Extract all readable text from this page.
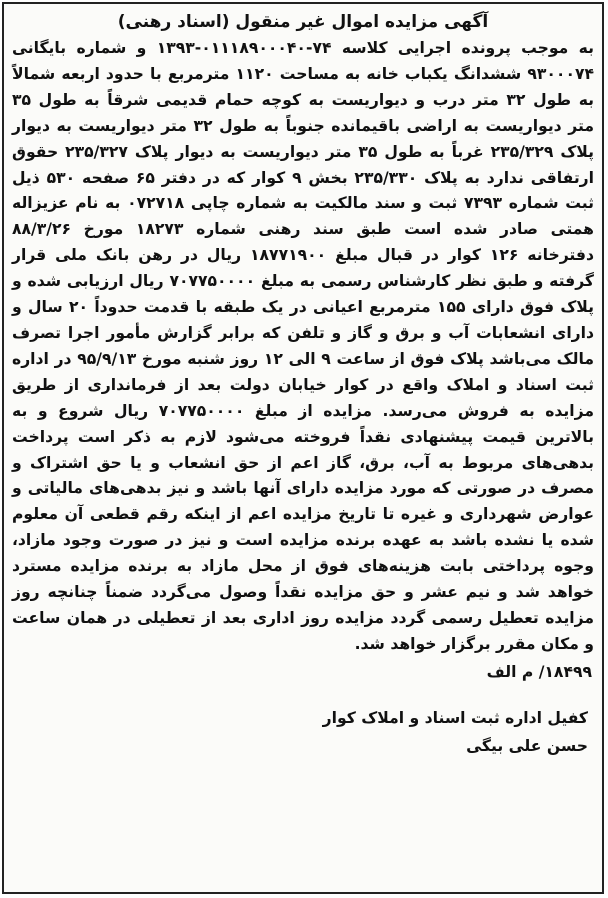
آگهی مزایده اموال غیر منقول (اسناد رهنی)
به موجب پرونده اجرایی کلاسه ۷۴-۰۱۱۱۸۹۰۰۰۴۰-۱۳۹۳ و شماره بایگانی ۹۳۰۰۰۷۴ ششدانگ یکباب خانه به مساحت ۱۱۲۰ مترمربع با حدود اربعه شمالاً به طول ۳۲ متر درب و دیواریست به کوچه حمام قدیمی شرقاً به طول ۳۵ متر دیواریست به اراضی باقیمانده جنوباً به طول ۳۲ متر دیواریست به دیوار پلاک ۲۳۵/۳۲۹ غرباً به طول ۳۵ متر دیواریست به دیوار پلاک ۲۳۵/۳۲۷ حقوق ارتفاقی ندارد به پلاک ۲۳۵/۳۳۰ بخش ۹ کوار که در دفتر ۶۵ صفحه ۵۳۰ ذیل ثبت شماره ۷۳۹۳ ثبت و سند مالکیت به شماره چاپی ۰۷۲۷۱۸ به نام عزیزاله همتی صادر شده است طبق سند رهنی شماره ۱۸۲۷۳ مورخ ۸۸/۳/۲۶ دفترخانه ۱۲۶ کوار در قبال مبلغ ۱۸۷۷۱۹۰۰ ریال در رهن بانک ملی قرار گرفته و طبق نظر کارشناس رسمی به مبلغ ۷۰۷۷۵۰۰۰۰ ریال ارزیابی شده و پلاک فوق دارای ۱۵۵ مترمربع اعیانی در یک طبقه با قدمت حدوداً ۲۰ سال و دارای انشعابات آب و برق و گاز و تلفن که برابر گزارش مأمور اجرا تصرف مالک می‌باشد پلاک فوق از ساعت ۹ الی ۱۲ روز شنبه مورخ ۹۵/۹/۱۳ در اداره ثبت اسناد و املاک واقع در کوار خیابان دولت بعد از فرمانداری از طریق مزایده به فروش می‌رسد. مزایده از مبلغ ۷۰۷۷۵۰۰۰۰ ریال شروع و به بالاترین قیمت پیشنهادی نقداً فروخته می‌شود لازم به ذکر است پرداخت بدهی‌های مربوط به آب، برق، گاز اعم از حق انشعاب و یا حق اشتراک و مصرف در صورتی که مورد مزایده دارای آنها باشد و نیز بدهی‌های مالیاتی و عوارض شهرداری و غیره تا تاریخ مزایده اعم از اینکه رقم قطعی آن معلوم شده یا نشده باشد به عهده برنده مزایده است و نیز در صورت وجود مازاد، وجوه پرداختی بابت هزینه‌های فوق از محل مازاد به برنده مزایده مسترد خواهد شد و نیم عشر و حق مزایده نقداً وصول می‌گردد ضمناً چنانچه روز مزایده تعطیل رسمی گردد مزایده روز اداری بعد از تعطیلی در همان ساعت و مکان مقرر برگزار خواهد شد.
۱۸۴۹۹/ م الف
کفیل اداره ثبت اسناد و املاک کوار
حسن علی بیگی
